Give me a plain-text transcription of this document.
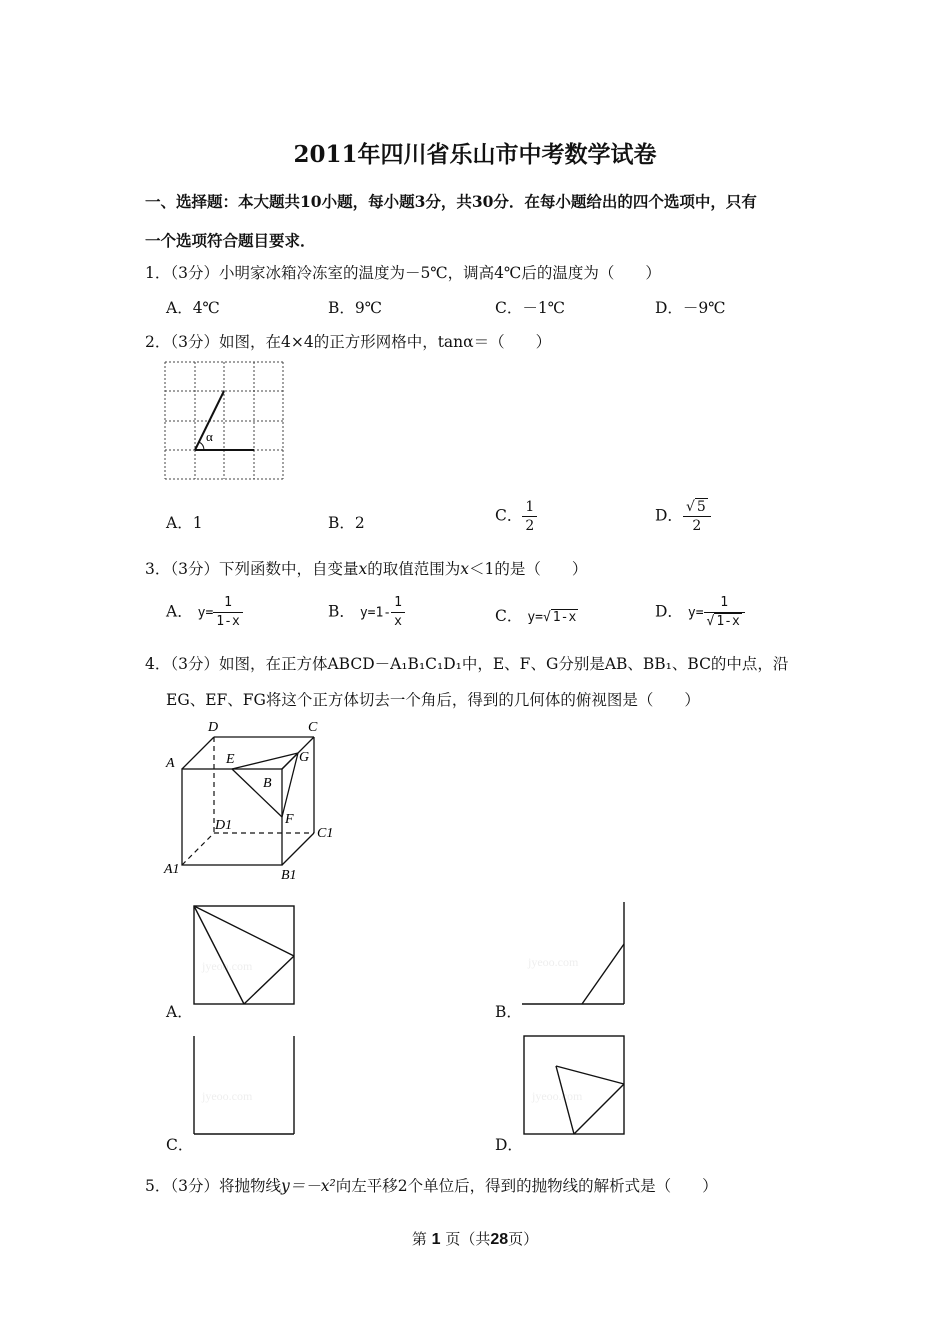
2011年四川省乐山市中考数学试卷
一、选择题：本大题共10小题，每小题3分，共30分．在每小题给出的四个选项中，只有
一个选项符合题目要求．
1．（3分）小明家冰箱冷冻室的温度为－5℃，调高4℃后的温度为（　　）
A．4℃	B．9℃	C．－1℃	D．－9℃
2．（3分）如图，在4×4的正方形网格中，tanα＝（　　）
α
A．1	B．2	C． $\frac{1}{2}$	D． $\frac{√ 5}{2}$
3．（3分）下列函数中，自变量x的取值范围为x＜1的是（　　）
A． $y= \frac{1}{1-x}$	B． $y=1- \frac{1}{x}$	C． y=√ 1-x	D． $y= \frac{1}{√ 1-x}$
4．（3分）如图，在正方体ABCD－A₁B₁C₁D₁中，E、F、G分别是AB、BB₁、BC的中点，沿
EG、EF、FG将这个正方体切去一个角后，得到的几何体的俯视图是（　　）
D	C
A	E	G
B
F
D1
C1
A1	B1
jyeoo.com
A．
jyeoo.com
B．
jyeoo.com
C．
jyeoo.com
D．
5．（3分）将抛物线y＝－x²向左平移2个单位后，得到的抛物线的解析式是（　　）
第 1 页（共28页）
